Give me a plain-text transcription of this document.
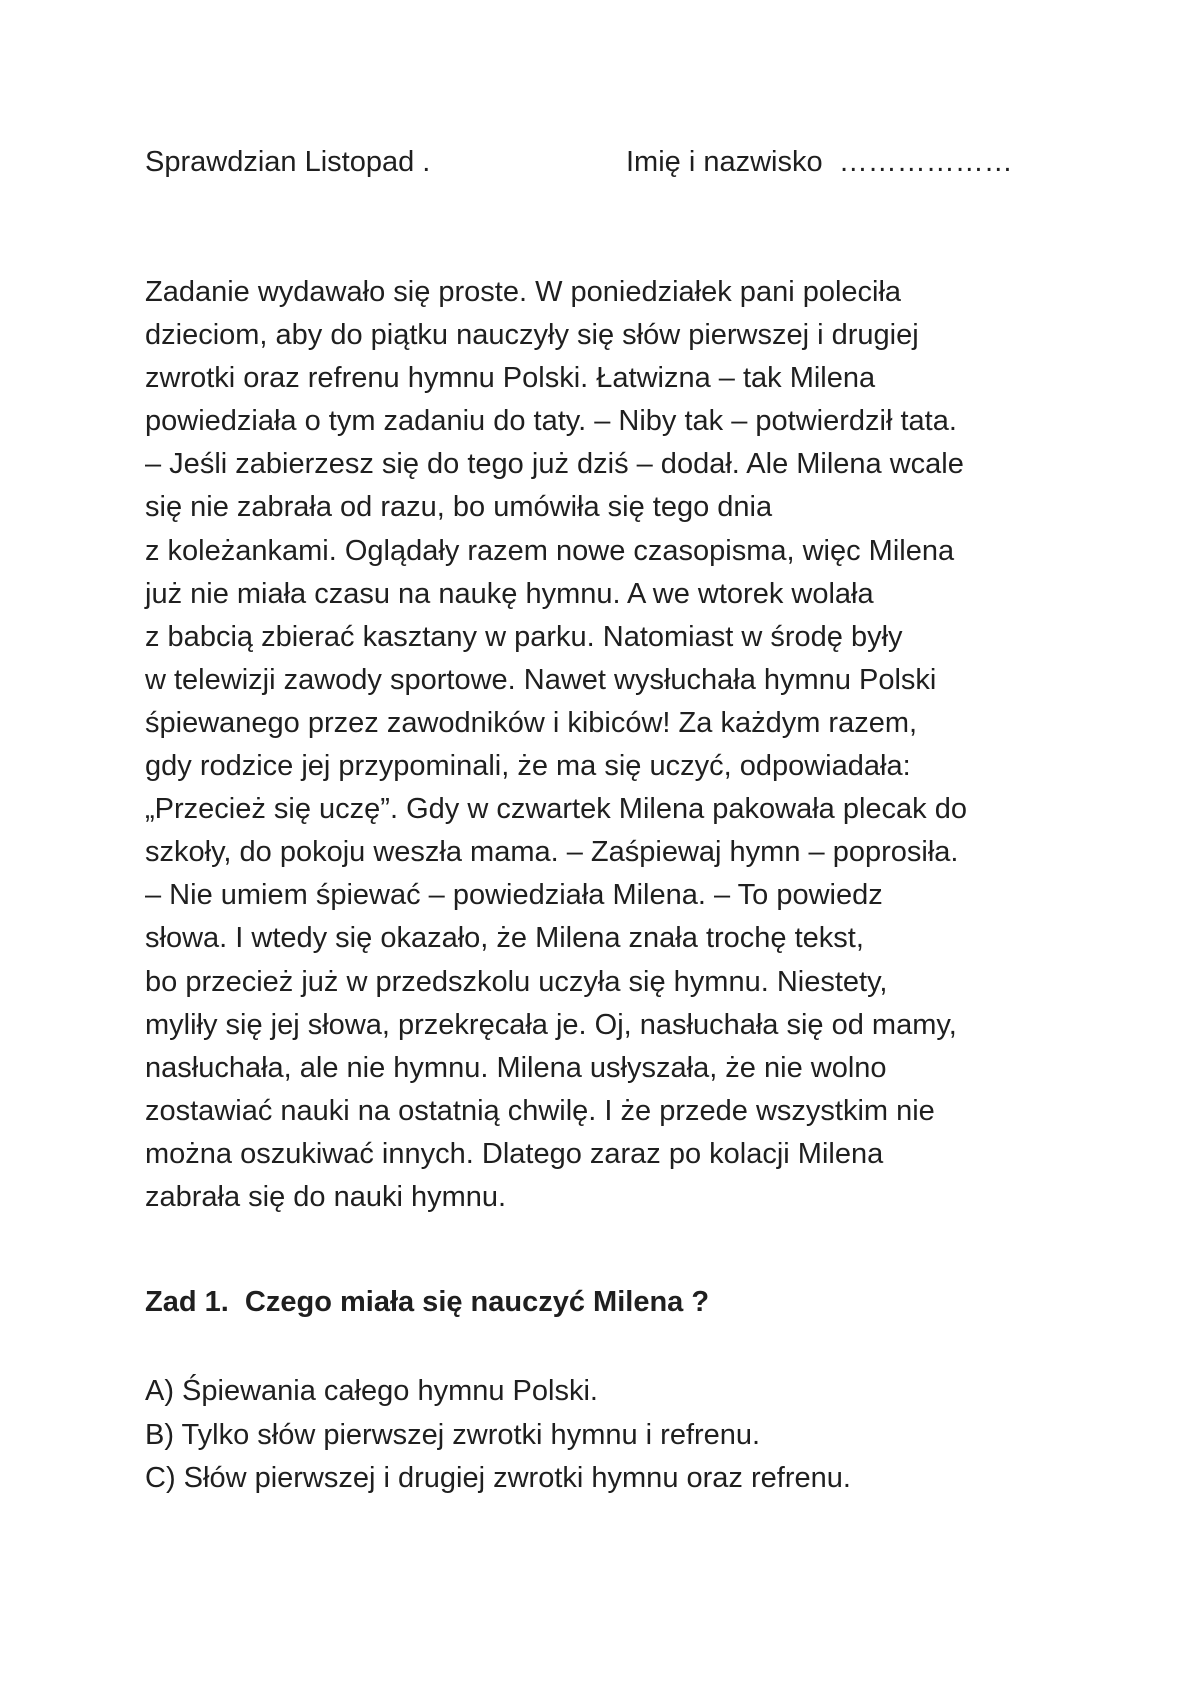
Sprawdzian Listopad .	Imię i nazwisko  ………………
Zadanie wydawało się proste. W poniedziałek pani poleciła
dzieciom, aby do piątku nauczyły się słów pierwszej i drugiej
zwrotki oraz refrenu hymnu Polski. Łatwizna – tak Milena
powiedziała o tym zadaniu do taty. – Niby tak – potwierdził tata.
– Jeśli zabierzesz się do tego już dziś – dodał. Ale Milena wcale
się nie zabrała od razu, bo umówiła się tego dnia
z koleżankami. Oglądały razem nowe czasopisma, więc Milena
już nie miała czasu na naukę hymnu. A we wtorek wolała
z babcią zbierać kasztany w parku. Natomiast w środę były
w telewizji zawody sportowe. Nawet wysłuchała hymnu Polski
śpiewanego przez zawodników i kibiców! Za każdym razem,
gdy rodzice jej przypominali, że ma się uczyć, odpowiadała:
„Przecież się uczę”. Gdy w czwartek Milena pakowała plecak do
szkoły, do pokoju weszła mama. – Zaśpiewaj hymn – poprosiła.
– Nie umiem śpiewać – powiedziała Milena. – To powiedz
słowa. I wtedy się okazało, że Milena znała trochę tekst,
bo przecież już w przedszkolu uczyła się hymnu. Niestety,
myliły się jej słowa, przekręcała je. Oj, nasłuchała się od mamy,
nasłuchała, ale nie hymnu. Milena usłyszała, że nie wolno
zostawiać nauki na ostatnią chwilę. I że przede wszystkim nie
można oszukiwać innych. Dlatego zaraz po kolacji Milena
zabrała się do nauki hymnu.
Zad 1.  Czego miała się nauczyć Milena ?
A) Śpiewania całego hymnu Polski.
B) Tylko słów pierwszej zwrotki hymnu i refrenu.
C) Słów pierwszej i drugiej zwrotki hymnu oraz refrenu.
